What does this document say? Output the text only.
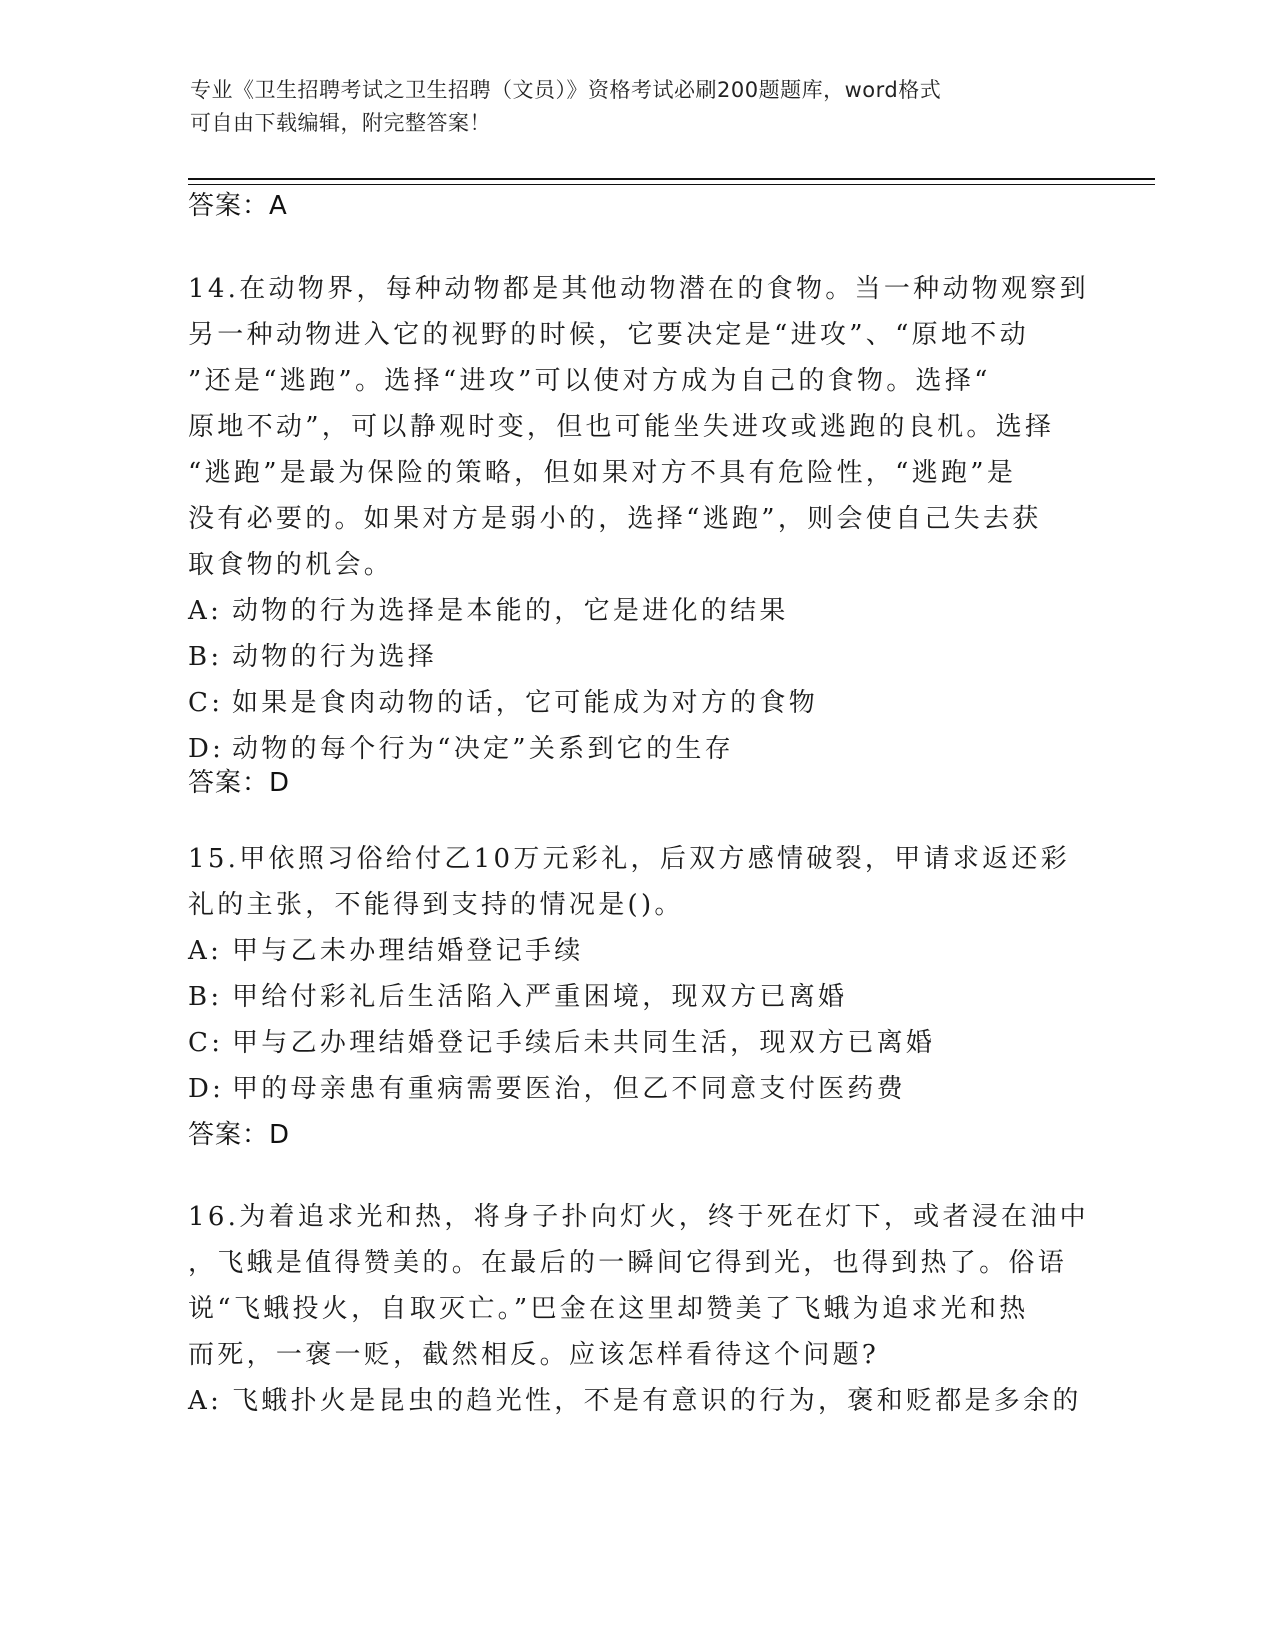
专业《卫生招聘考试之卫生招聘（文员）》资格考试必刷200题题库，word格式
可自由下载编辑，附完整答案！
答案：A
14.在动物界，每种动物都是其他动物潜在的食物。当一种动物观察到
另一种动物进入它的视野的时候，它要决定是“进攻”、“原地不动
”还是“逃跑”。选择“进攻”可以使对方成为自己的食物。选择“
原地不动”，可以静观时变，但也可能坐失进攻或逃跑的良机。选择
“逃跑”是最为保险的策略，但如果对方不具有危险性，“逃跑”是
没有必要的。如果对方是弱小的，选择“逃跑”，则会使自己失去获
取食物的机会。
A: 动物的行为选择是本能的，它是进化的结果
B: 动物的行为选择
C: 如果是食肉动物的话，它可能成为对方的食物
D: 动物的每个行为“决定”关系到它的生存
答案：D
15.甲依照习俗给付乙10万元彩礼，后双方感情破裂，甲请求返还彩
礼的主张，不能得到支持的情况是()。
A: 甲与乙未办理结婚登记手续
B: 甲给付彩礼后生活陷入严重困境，现双方已离婚
C: 甲与乙办理结婚登记手续后未共同生活，现双方已离婚
D: 甲的母亲患有重病需要医治，但乙不同意支付医药费
答案：D
16.为着追求光和热，将身子扑向灯火，终于死在灯下，或者浸在油中
，飞蛾是值得赞美的。在最后的一瞬间它得到光，也得到热了。俗语
说“飞蛾投火，自取灭亡。”巴金在这里却赞美了飞蛾为追求光和热
而死，一褒一贬，截然相反。应该怎样看待这个问题?
A: 飞蛾扑火是昆虫的趋光性，不是有意识的行为，褒和贬都是多余的
